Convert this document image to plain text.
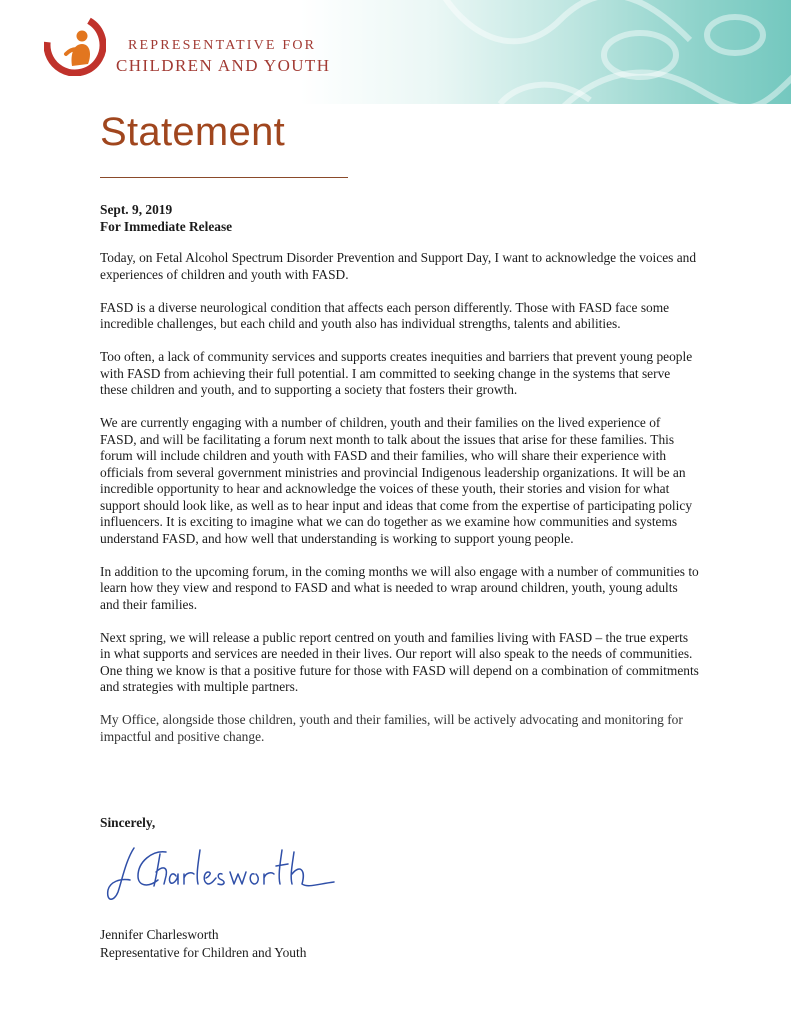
REPRESENTATIVE FOR
CHILDREN AND YOUTH
Statement
Sept. 9, 2019
For Immediate Release

Today, on Fetal Alcohol Spectrum Disorder Prevention and Support Day, I want to acknowledge the voices and experiences of children and youth with FASD.

FASD is a diverse neurological condition that affects each person differently. Those with FASD face some incredible challenges, but each child and youth also has individual strengths, talents and abilities.

Too often, a lack of community services and supports creates inequities and barriers that prevent young people with FASD from achieving their full potential. I am committed to seeking change in the systems that serve these children and youth, and to supporting a society that fosters their growth.

We are currently engaging with a number of children, youth and their families on the lived experience of FASD, and will be facilitating a forum next month to talk about the issues that arise for these families. This forum will include children and youth with FASD and their families, who will share their experience with officials from several government ministries and provincial Indigenous leadership organizations. It will be an incredible opportunity to hear and acknowledge the voices of these youth, their stories and vision for what support should look like, as well as to hear input and ideas that come from the expertise of participating policy influencers. It is exciting to imagine what we can do together as we examine how communities and systems understand FASD, and how well that understanding is working to support young people.

In addition to the upcoming forum, in the coming months we will also engage with a number of communities to learn how they view and respond to FASD and what is needed to wrap around children, youth, young adults and their families.

Next spring, we will release a public report centred on youth and families living with FASD – the true experts in what supports and services are needed in their lives. Our report will also speak to the needs of communities. One thing we know is that a positive future for those with FASD will depend on a combination of commitments and strategies with multiple partners.

My Office, alongside those children, youth and their families, will be actively advocating and monitoring for impactful and positive change.

Sincerely,
Jennifer Charlesworth
Representative for Children and Youth
